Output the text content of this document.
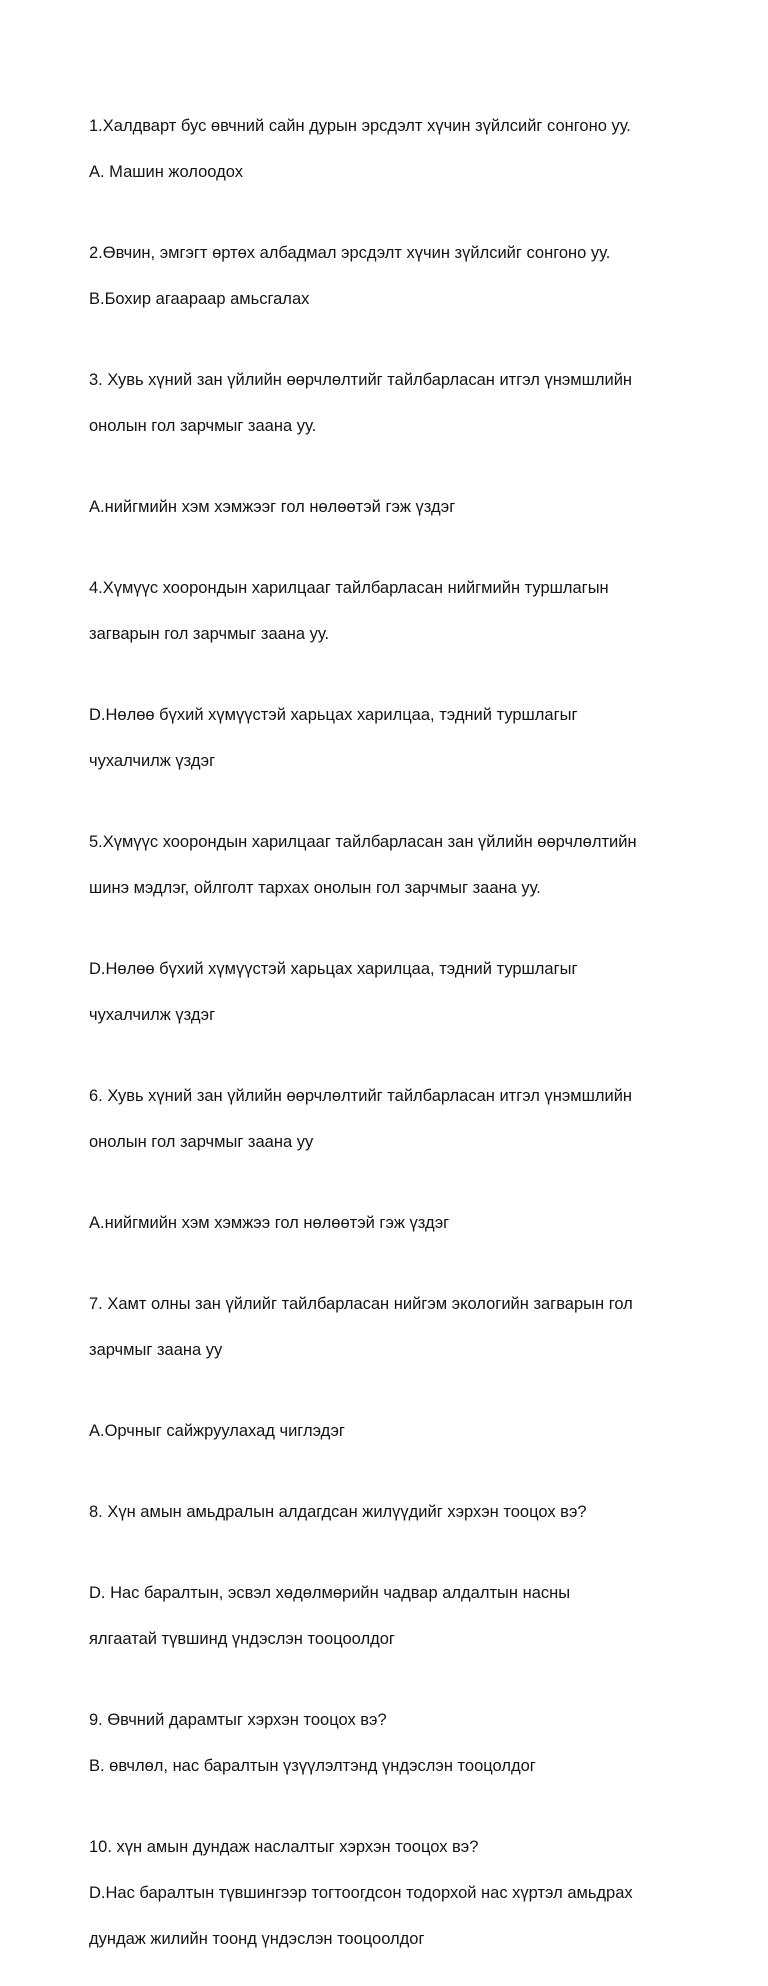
1.Халдварт бус өвчний сайн дурын эрсдэлт хүчин зүйлсийг сонгоно уу.

A. Машин жолоодох

2.Өвчин, эмгэгт өртөх албадмал эрсдэлт хүчин зүйлсийг сонгоно уу.

B.Бохир агаараар амьсгалах

3. Хувь хүний зан үйлийн өөрчлөлтийг тайлбарласан итгэл үнэмшлийн

онолын гол зарчмыг заана уу.

A.нийгмийн хэм хэмжээг гол нөлөөтэй гэж үздэг

4.Хүмүүс хоорондын харилцааг тайлбарласан нийгмийн туршлагын

загварын гол зарчмыг заана уу.

D.Нөлөө бүхий хүмүүстэй харьцах харилцаа, тэдний туршлагыг

чухалчилж үздэг

5.Хүмүүс хоорондын харилцааг тайлбарласан зан үйлийн өөрчлөлтийн

шинэ мэдлэг, ойлголт тархах онолын гол зарчмыг заана уу.

D.Нөлөө бүхий хүмүүстэй харьцах харилцаа, тэдний туршлагыг

чухалчилж үздэг

6. Хувь хүний зан үйлийн өөрчлөлтийг тайлбарласан итгэл үнэмшлийн

онолын гол зарчмыг заана уу

A.нийгмийн хэм хэмжээ гол нөлөөтэй гэж үздэг

7. Хамт олны зан үйлийг тайлбарласан нийгэм экологийн загварын гол

зарчмыг заана уу

A.Орчныг сайжруулахад чиглэдэг

8. Хүн амын амьдралын алдагдсан жилүүдийг хэрхэн тооцох вэ?

D. Нас баралтын, эсвэл хөдөлмөрийн чадвар алдалтын насны

ялгаатай түвшинд үндэслэн тооцоолдог

9. Өвчний дарамтыг хэрхэн тооцох вэ?

B. өвчлөл, нас баралтын үзүүлэлтэнд үндэслэн тооцолдог

10. хүн амын дундаж наслалтыг хэрхэн тооцох вэ?

D.Нас баралтын түвшингээр тогтоогдсон тодорхой нас хүртэл амьдрах

дундаж жилийн тоонд үндэслэн тооцоолдог
